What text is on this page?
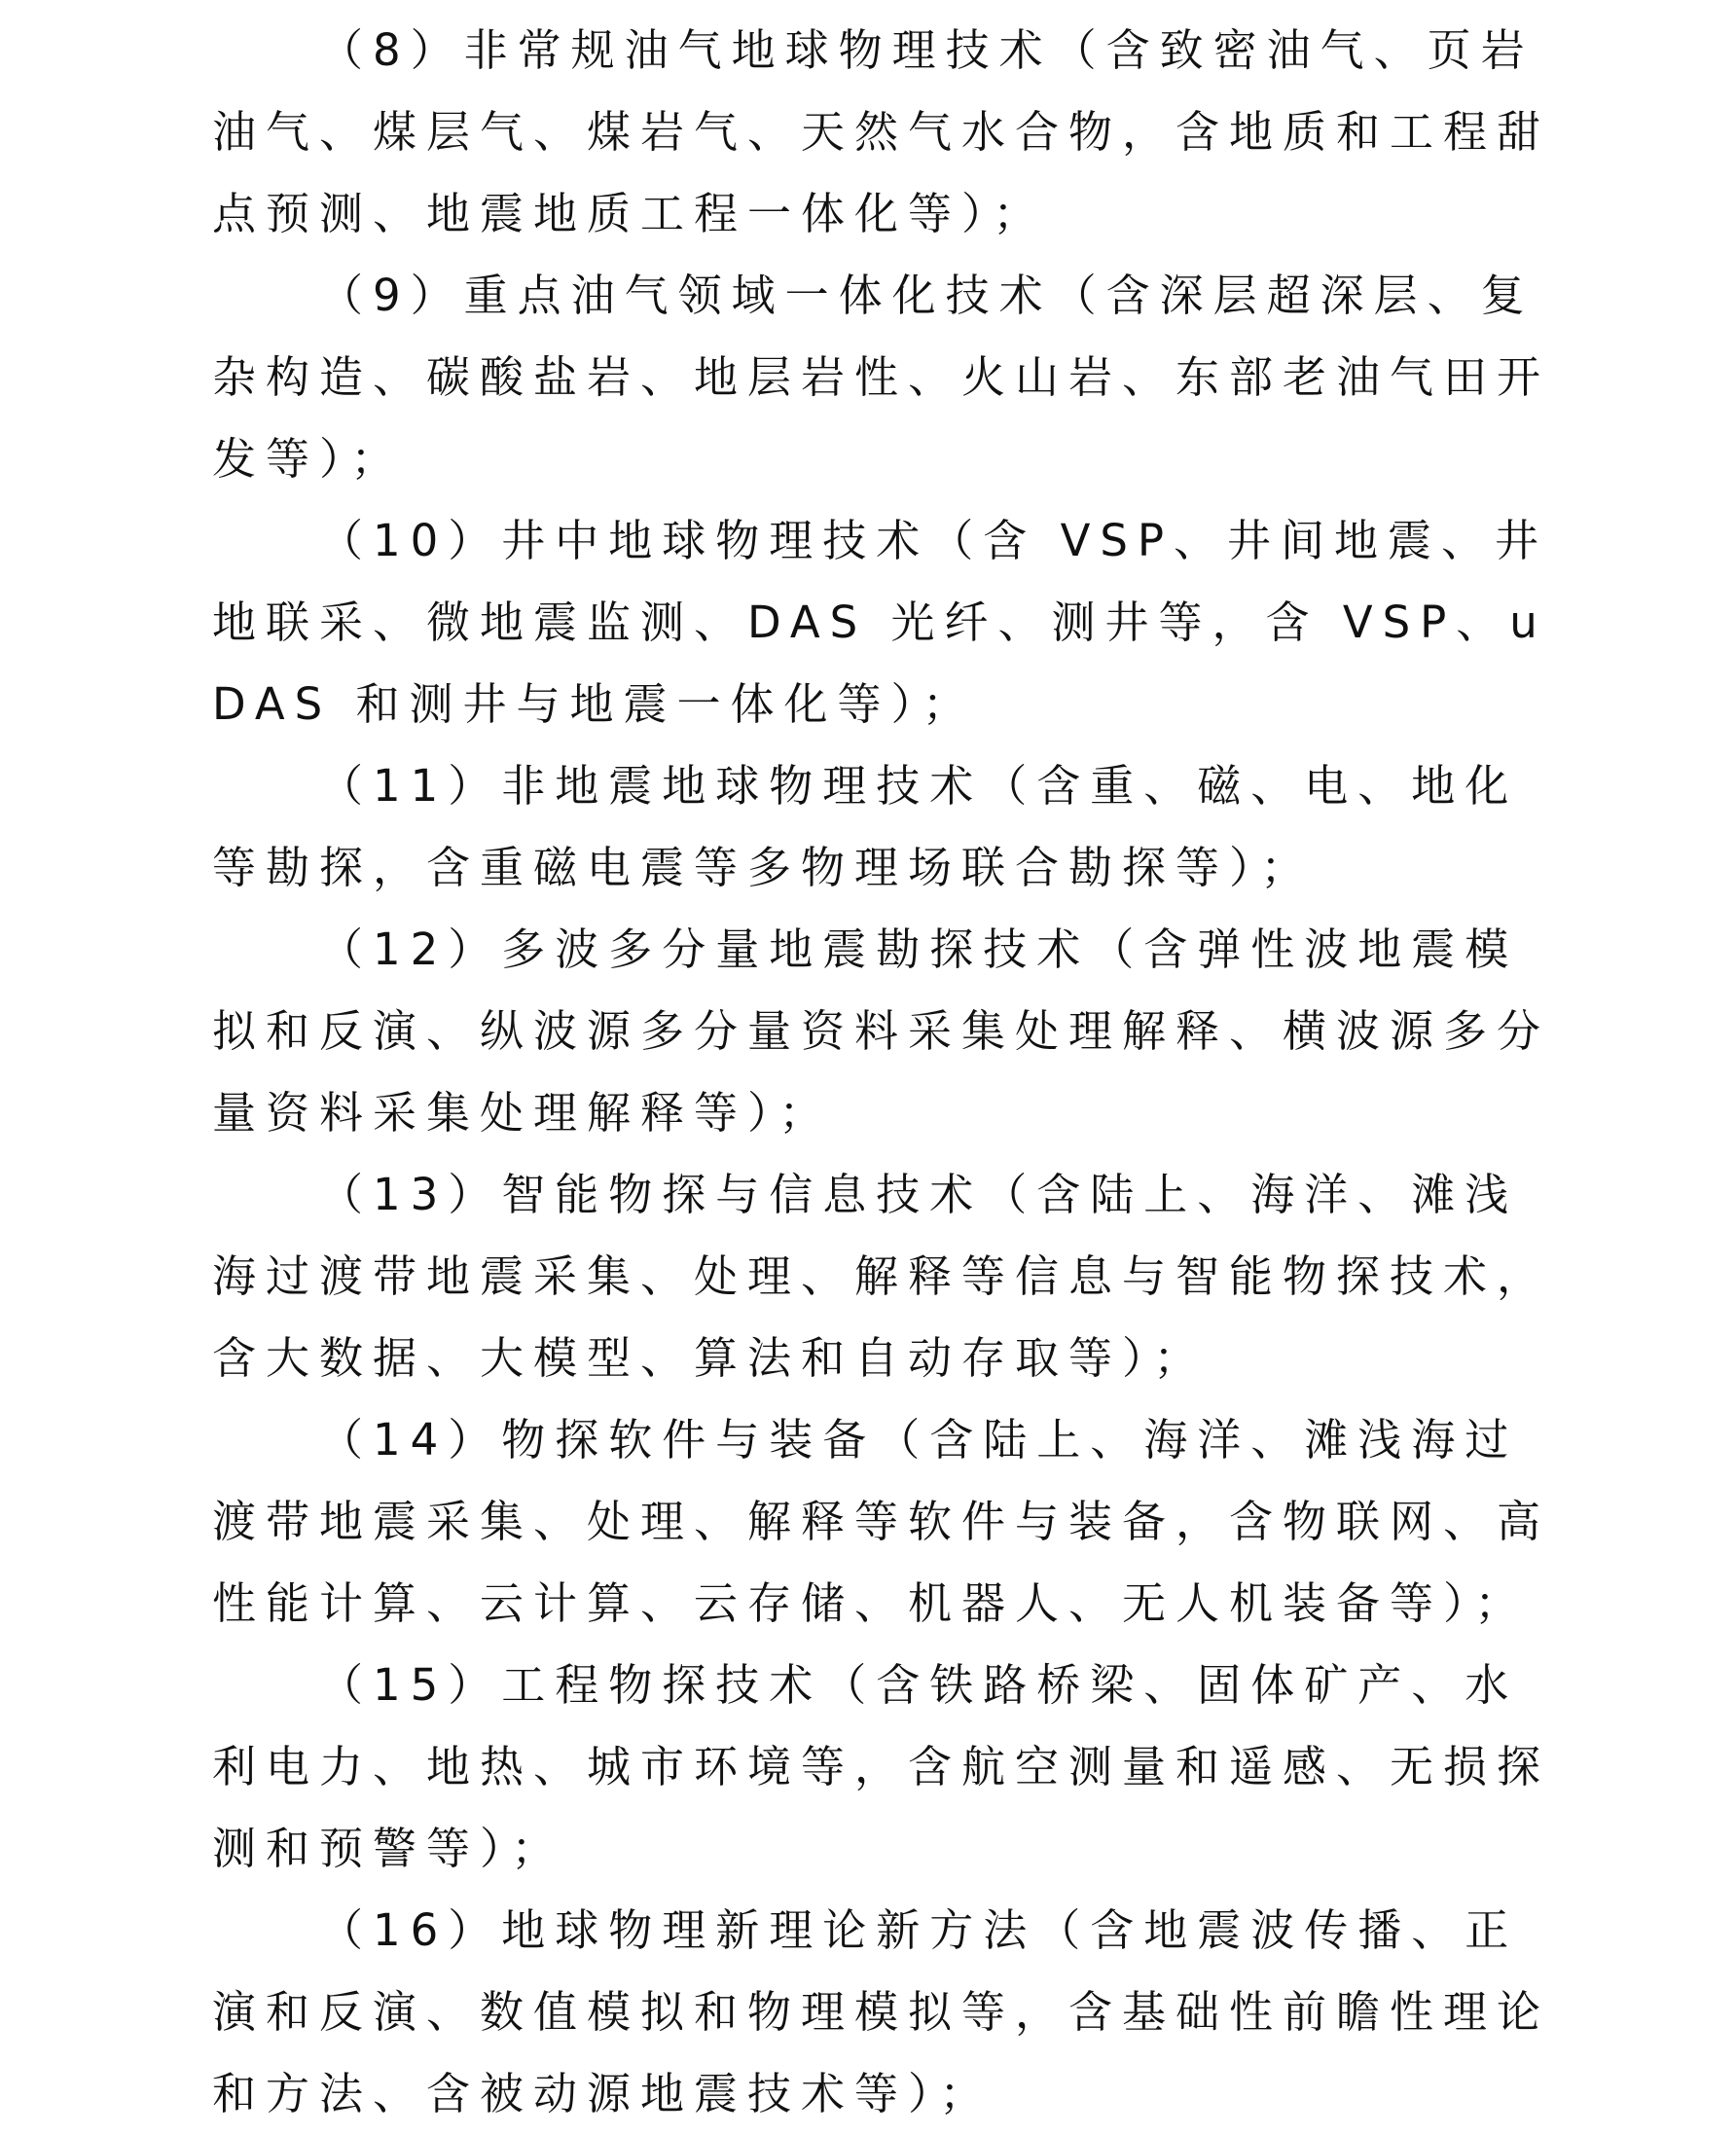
（8）非常规油气地球物理技术（含致密油气、页岩油气、煤层气、煤岩气、天然气水合物，含地质和工程甜点预测、地震地质工程一体化等）；

（9）重点油气领域一体化技术（含深层超深层、复杂构造、碳酸盐岩、地层岩性、火山岩、东部老油气田开发等）；

（10）井中地球物理技术（含 VSP、井间地震、井地联采、微地震监测、DAS 光纤、测井等，含 VSP、uDAS 和测井与地震一体化等）；

（11）非地震地球物理技术（含重、磁、电、地化等勘探，含重磁电震等多物理场联合勘探等）；

（12）多波多分量地震勘探技术（含弹性波地震模拟和反演、纵波源多分量资料采集处理解释、横波源多分量资料采集处理解释等）；

（13）智能物探与信息技术（含陆上、海洋、滩浅海过渡带地震采集、处理、解释等信息与智能物探技术，含大数据、大模型、算法和自动存取等）；

（14）物探软件与装备（含陆上、海洋、滩浅海过渡带地震采集、处理、解释等软件与装备，含物联网、高性能计算、云计算、云存储、机器人、无人机装备等）；

（15）工程物探技术（含铁路桥梁、固体矿产、水利电力、地热、城市环境等，含航空测量和遥感、无损探测和预警等）；

（16）地球物理新理论新方法（含地震波传播、正演和反演、数值模拟和物理模拟等，含基础性前瞻性理论和方法、含被动源地震技术等）；
